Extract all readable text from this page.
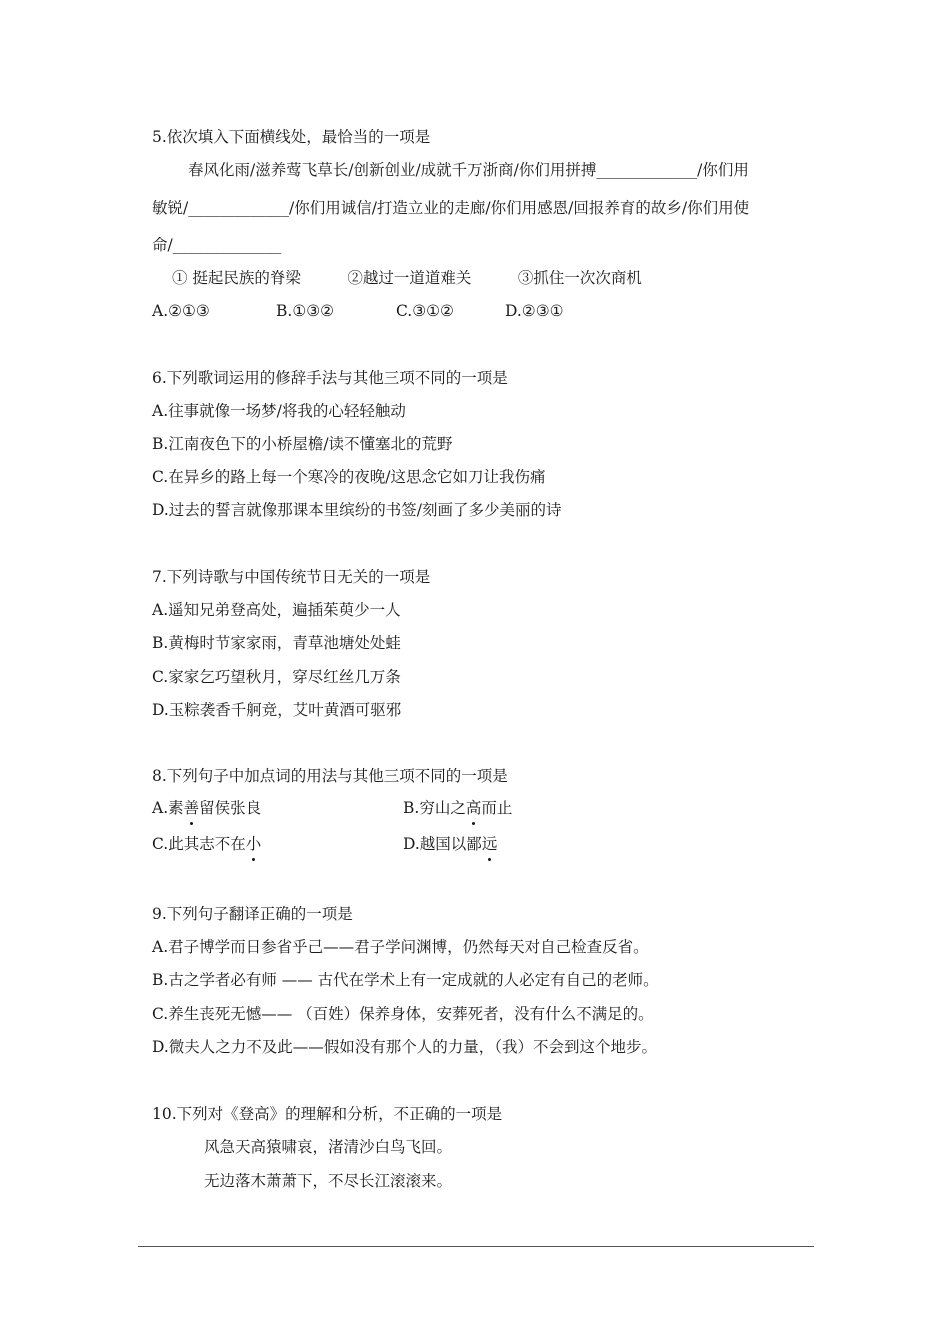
5.依次填入下面横线处，最恰当的一项是
春风化雨/滋养莺飞草长/创新创业/成就千万浙商/你们用拼搏_____________/你们用
敏锐/_____________/你们用诚信/打造立业的走廊/你们用感恩/回报养育的故乡/你们用使
命/______________
① 挺起民族的脊梁　　　②越过一道道难关　　　③抓住一次次商机
A.②①③	B.①③②	C.③①②	D.②③①
6.下列歌词运用的修辞手法与其他三项不同的一项是
A.往事就像一场梦/将我的心轻轻触动
B.江南夜色下的小桥屋檐/读不懂塞北的荒野
C.在异乡的路上每一个寒冷的夜晚/这思念它如刀让我伤痛
D.过去的誓言就像那课本里缤纷的书签/刻画了多少美丽的诗
7.下列诗歌与中国传统节日无关的一项是
A.遥知兄弟登高处，遍插茱萸少一人
B.黄梅时节家家雨，青草池塘处处蛙
C.家家乞巧望秋月，穿尽红丝几万条
D.玉粽袭香千舸竞，艾叶黄酒可驱邪
8.下列句子中加点词的用法与其他三项不同的一项是
A.素善留侯张良	B.穷山之高而止
C.此其志不在小	D.越国以鄙远
9.下列句子翻译正确的一项是
A.君子博学而日参省乎己——君子学问渊博，仍然每天对自己检查反省。
B.古之学者必有师 —— 古代在学术上有一定成就的人必定有自己的老师。
C.养生丧死无憾—— （百姓）保养身体，安葬死者，没有什么不满足的。
D.微夫人之力不及此——假如没有那个人的力量，（我）不会到这个地步。
10.下列对《登高》的理解和分析，不正确的一项是
风急天高猿啸哀，渚清沙白鸟飞回。
无边落木萧萧下，不尽长江滚滚来。
